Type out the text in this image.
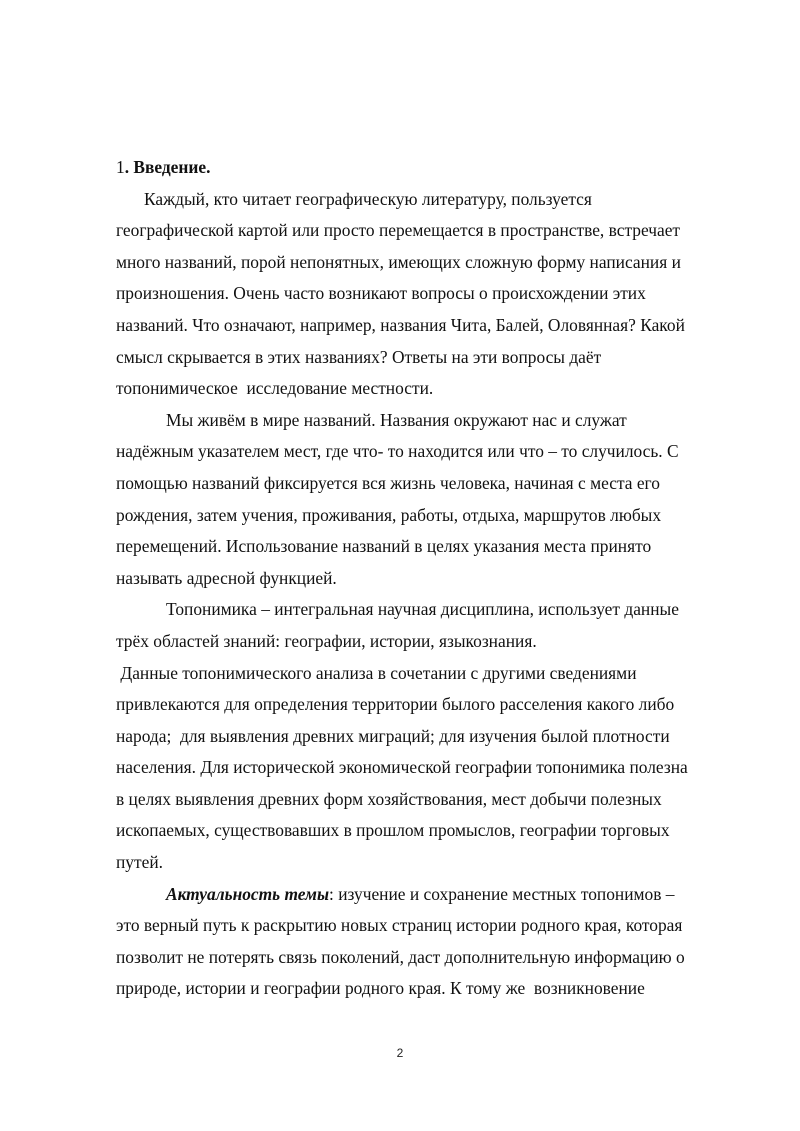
1. Введение.
Каждый, кто читает географическую литературу, пользуется
географической картой или просто перемещается в пространстве, встречает
много названий, порой непонятных, имеющих сложную форму написания и
произношения. Очень часто возникают вопросы о происхождении этих
названий. Что означают, например, названия Чита, Балей, Оловянная? Какой
смысл скрывается в этих названиях? Ответы на эти вопросы даёт
топонимическое  исследование местности.
Мы живём в мире названий. Названия окружают нас и служат
надёжным указателем мест, где что- то находится или что – то случилось. С
помощью названий фиксируется вся жизнь человека, начиная с места его
рождения, затем учения, проживания, работы, отдыха, маршрутов любых
перемещений. Использование названий в целях указания места принято
называть адресной функцией.
Топонимика – интегральная научная дисциплина, использует данные
трёх областей знаний: географии, истории, языкознания.
Данные топонимического анализа в сочетании с другими сведениями
привлекаются для определения территории былого расселения какого либо
народа;  для выявления древних миграций; для изучения былой плотности
населения. Для исторической экономической географии топонимика полезна
в целях выявления древних форм хозяйствования, мест добычи полезных
ископаемых, существовавших в прошлом промыслов, географии торговых
путей.
Актуальность темы: изучение и сохранение местных топонимов –
это верный путь к раскрытию новых страниц истории родного края, которая
позволит не потерять связь поколений, даст дополнительную информацию о
природе, истории и географии родного края. К тому же  возникновение
2
